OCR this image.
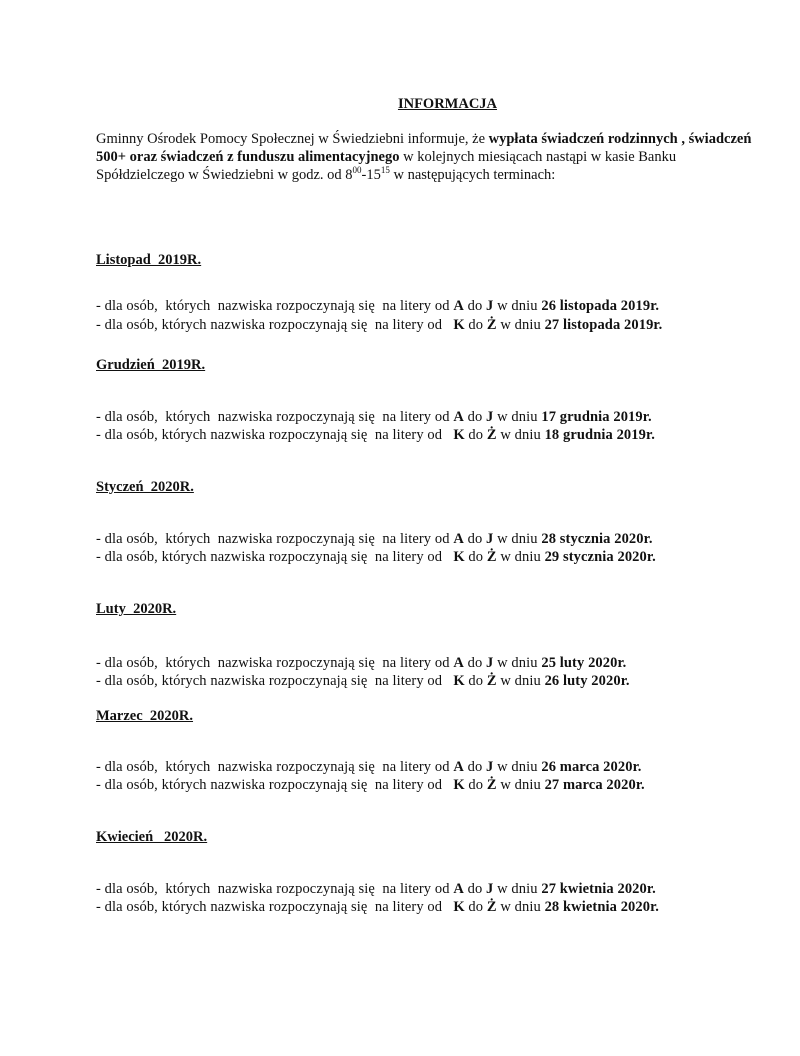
INFORMACJA
Gminny Ośrodek Pomocy Społecznej w Świedziebni informuje, że wypłata świadczeń rodzinnych , świadczeń
500+ oraz świadczeń z funduszu alimentacyjnego w kolejnych miesiącach nastąpi w kasie Banku
Spółdzielczego w Świedziebni w godz. od $8^{00}-15^{15}$ w następujących terminach:
Listopad  2019R.
- dla osób,  których  nazwiska rozpoczynają się  na litery od A do J w dniu 26 listopada 2019r.
- dla osób, których nazwiska rozpoczynają się  na litery od   K do Ż w dniu 27 listopada 2019r.
Grudzień  2019R.
- dla osób,  których  nazwiska rozpoczynają się  na litery od A do J w dniu 17 grudnia 2019r.
- dla osób, których nazwiska rozpoczynają się  na litery od   K do Ż w dniu 18 grudnia 2019r.
Styczeń  2020R.
- dla osób,  których  nazwiska rozpoczynają się  na litery od A do J w dniu 28 stycznia 2020r.
- dla osób, których nazwiska rozpoczynają się  na litery od   K do Ż w dniu 29 stycznia 2020r.
Luty  2020R.
- dla osób,  których  nazwiska rozpoczynają się  na litery od A do J w dniu 25 luty 2020r.
- dla osób, których nazwiska rozpoczynają się  na litery od   K do Ż w dniu 26 luty 2020r.
Marzec  2020R.
- dla osób,  których  nazwiska rozpoczynają się  na litery od A do J w dniu 26 marca 2020r.
- dla osób, których nazwiska rozpoczynają się  na litery od   K do Ż w dniu 27 marca 2020r.
Kwiecień   2020R.
- dla osób,  których  nazwiska rozpoczynają się  na litery od A do J w dniu 27 kwietnia 2020r.
- dla osób, których nazwiska rozpoczynają się  na litery od   K do Ż w dniu 28 kwietnia 2020r.
